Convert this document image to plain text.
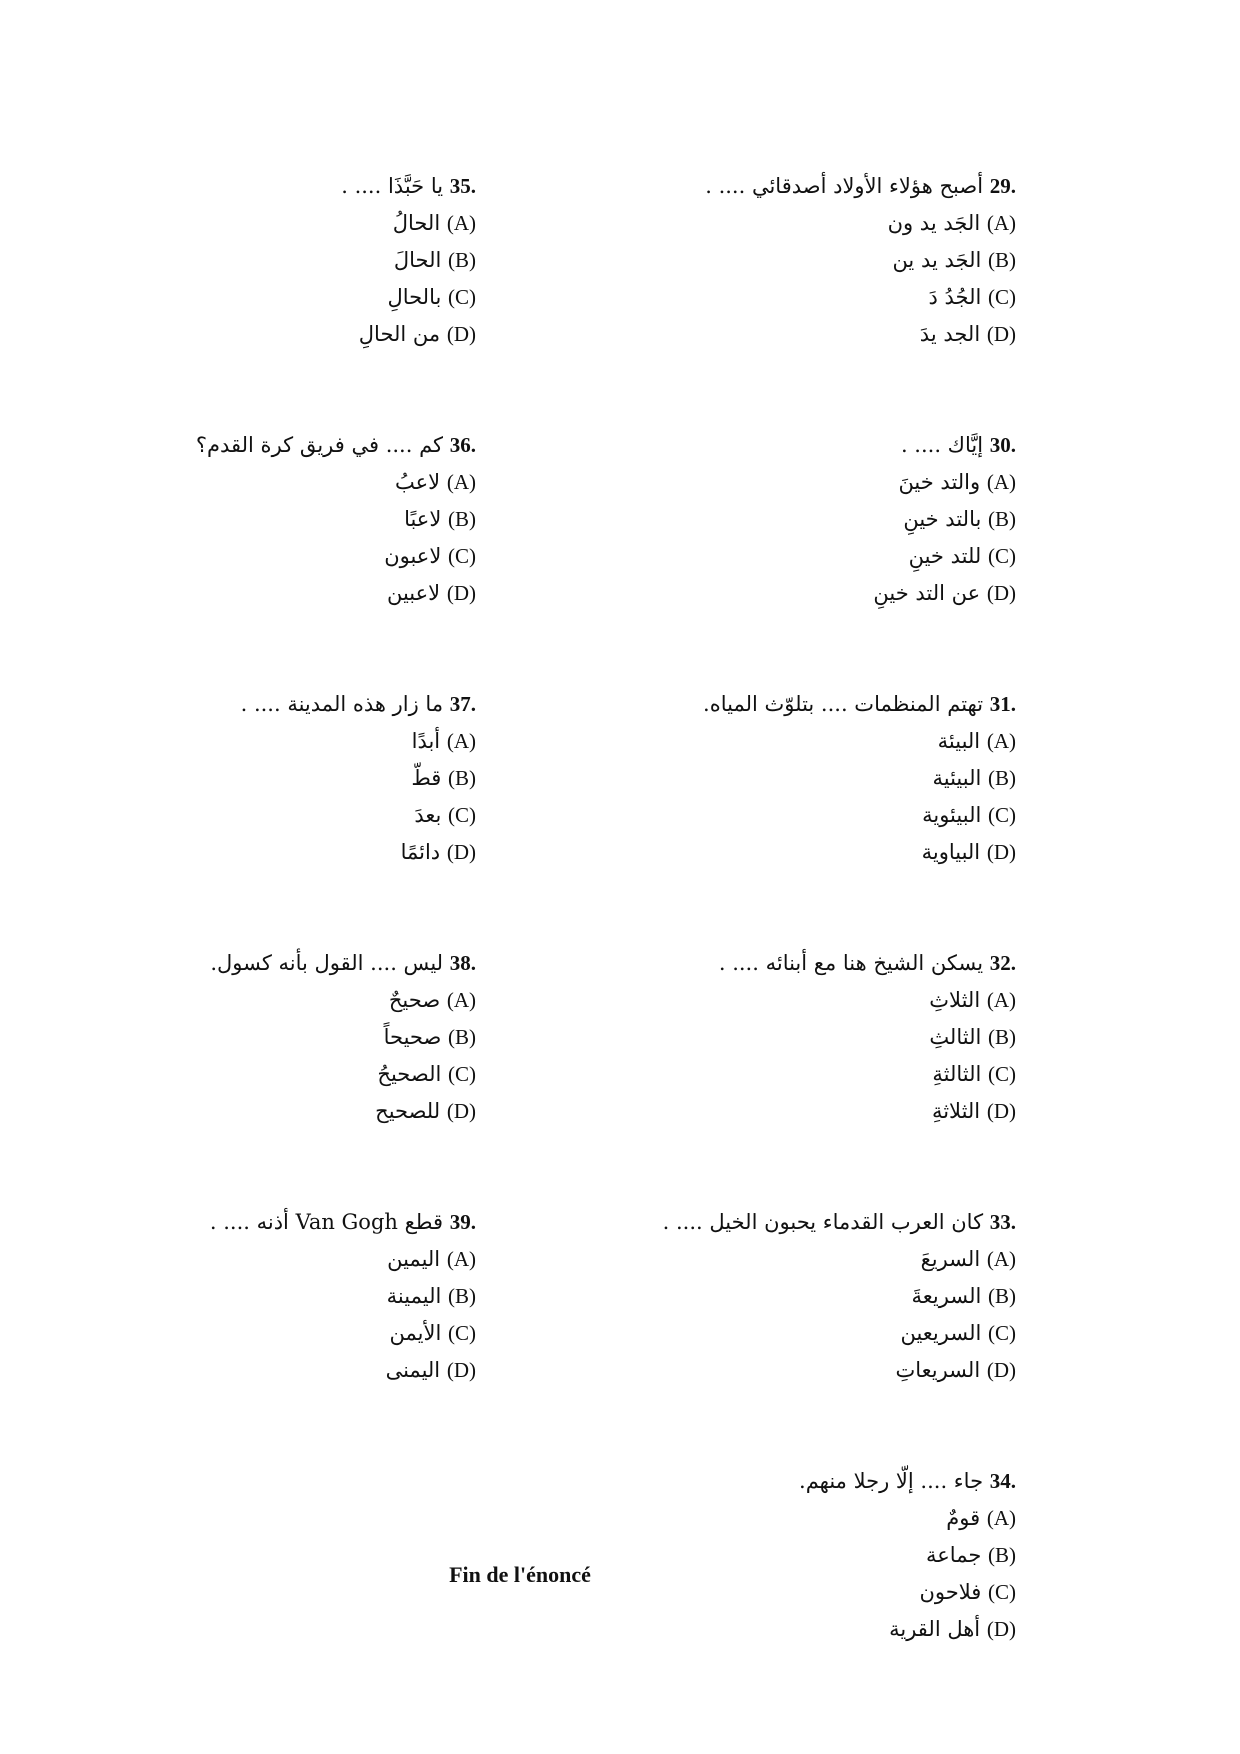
29. أصبح هؤلاء الأولاد أصدقائي .... .
(A) الجَد يد ون
(B) الجَد يد ين
(C) الجُدُ دَ
(D) الجد يدَ
30. إيَّاك .... .
(A) والتد خينَ
(B) بالتد خينِ
(C) للتد خينِ
(D) عن التد خينِ
31. تهتم المنظمات .... بتلوّث المياه.
(A) البيئة
(B) البيئية
(C) البيئوية
(D) البياوية
32. يسكن الشيخ هنا مع أبنائه .... .
(A) الثلاثِ
(B) الثالثِ
(C) الثالثةِ
(D) الثلاثةِ
33. كان العرب القدماء يحبون الخيل .... .
(A) السريعَ
(B) السريعةَ
(C) السريعين
(D) السريعاتِ
34. جاء .... إلّا رجلا منهم.
(A) قومٌ
(B) جماعة
(C) فلاحون
(D) أهل القرية
35. يا حَبَّذَا .... .
(A) الحالُ
(B) الحالَ
(C) بالحالِ
(D) من الحالِ
36. كم .... في فريق كرة القدم؟
(A) لاعبُ
(B) لاعبًا
(C) لاعبون
(D) لاعبين
37. ما زار هذه المدينة .... .
(A) أبدًا
(B) قطّ
(C) بعدَ
(D) دائمًا
38. ليس .... القول بأنه كسول.
(A) صحيحٌ
(B) صحيحاً
(C) الصحيحُ
(D) للصحيح
39. قطع Van Gogh أذنه .... .
(A) اليمين
(B) اليمينة
(C) الأيمن
(D) اليمنى
Fin de l'énoncé
